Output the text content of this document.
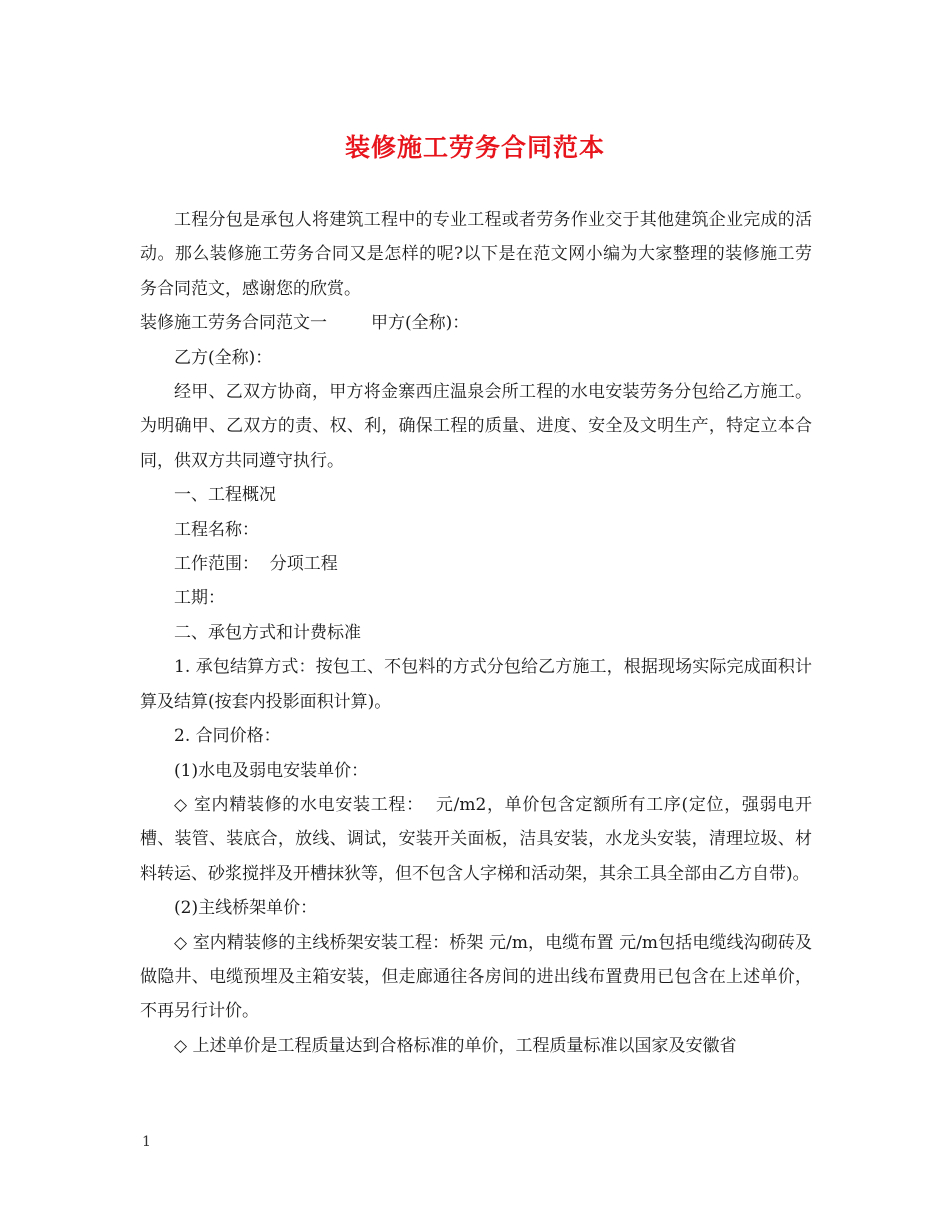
装修施工劳务合同范本

工程分包是承包人将建筑工程中的专业工程或者劳务作业交于其他建筑企业完成的活动。那么装修施工劳务合同又是怎样的呢?以下是在范文网小编为大家整理的装修施工劳务合同范文，感谢您的欣赏。

装修施工劳务合同范文一	甲方(全称)：

乙方(全称)：

经甲、乙双方协商，甲方将金寨西庄温泉会所工程的水电安装劳务分包给乙方施工。为明确甲、乙双方的责、权、利，确保工程的质量、进度、安全及文明生产，特定立本合同，供双方共同遵守执行。

一、工程概况

工程名称：

工作范围：  分项工程

工期：

二、承包方式和计费标准

1. 承包结算方式：按包工、不包料的方式分包给乙方施工，根据现场实际完成面积计算及结算(按套内投影面积计算)。

2. 合同价格：

(1)水电及弱电安装单价：

◇ 室内精装修的水电安装工程：  元/m2，单价包含定额所有工序(定位，强弱电开槽、装管、装底合，放线、调试，安装开关面板，洁具安装，水龙头安装，清理垃圾、材料转运、砂浆搅拌及开槽抹狄等，但不包含人字梯和活动架，其余工具全部由乙方自带)。

(2)主线桥架单价：

◇ 室内精装修的主线桥架安装工程：桥架 元/m，电缆布置 元/m包括电缆线沟砌砖及做隐井、电缆预埋及主箱安装，但走廊通往各房间的进出线布置费用已包含在上述单价，不再另行计价。

◇ 上述单价是工程质量达到合格标准的单价，工程质量标准以国家及安徽省

1
